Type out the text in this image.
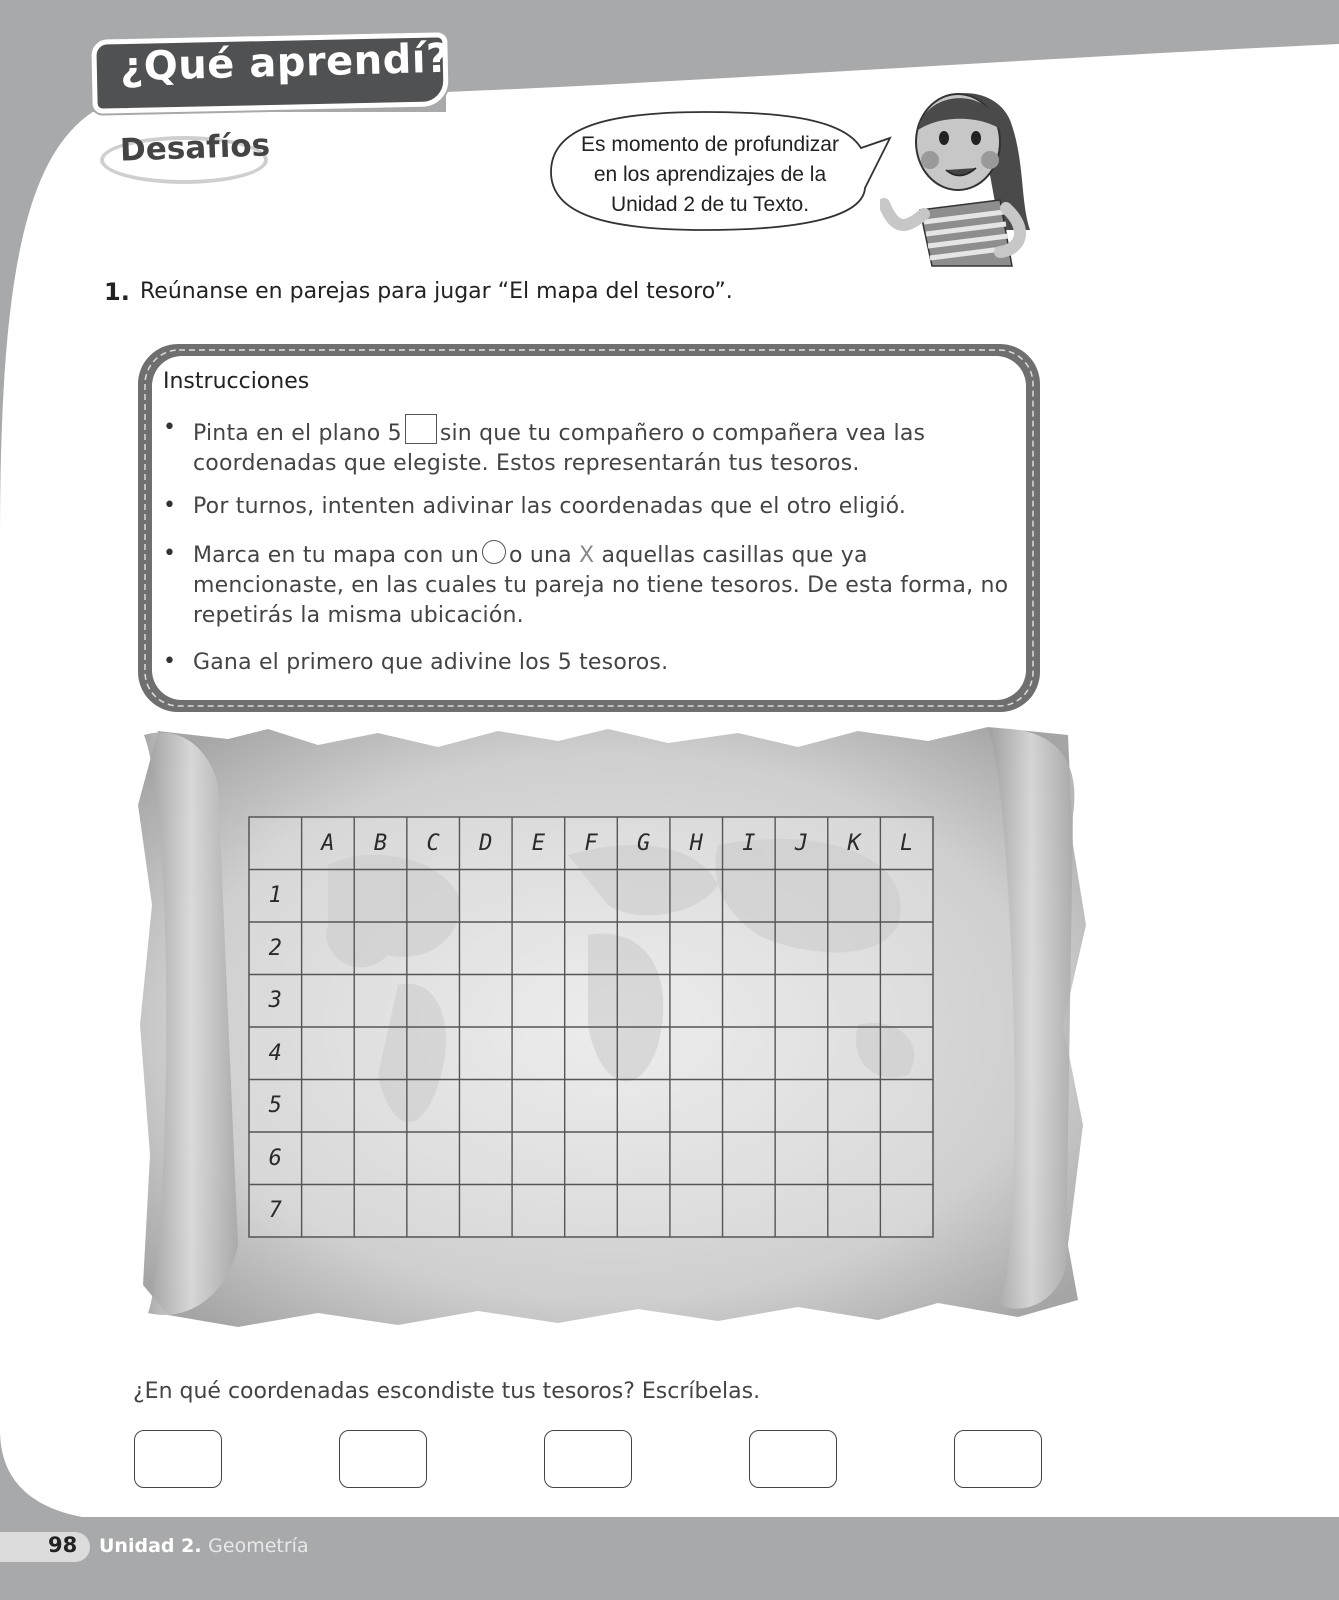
¿Qué aprendí?
Desafíos	Es momento de profundizar
en los aprendizajes de la
Unidad 2 de tu Texto.
1. Reúnanse en parejas para jugar “El mapa del tesoro”.
Instrucciones
• Pinta en el plano 5 sin que tu compañero o compañera vea las
coordenadas que elegiste. Estos representarán tus tesoros.
• Por turnos, intenten adivinar las coordenadas que el otro eligió.
• Marca en tu mapa con un o una X aquellas casillas que ya
mencionaste, en las cuales tu pareja no tiene tesoros. De esta forma, no
repetirás la misma ubicación.
• Gana el primero que adivine los 5 tesoros.
A	B	C	D	E	F	G	H	I	J	K	L
1
2
3
4
5
6
7
¿En qué coordenadas escondiste tus tesoros? Escríbelas.
98 Unidad 2. Geometría
